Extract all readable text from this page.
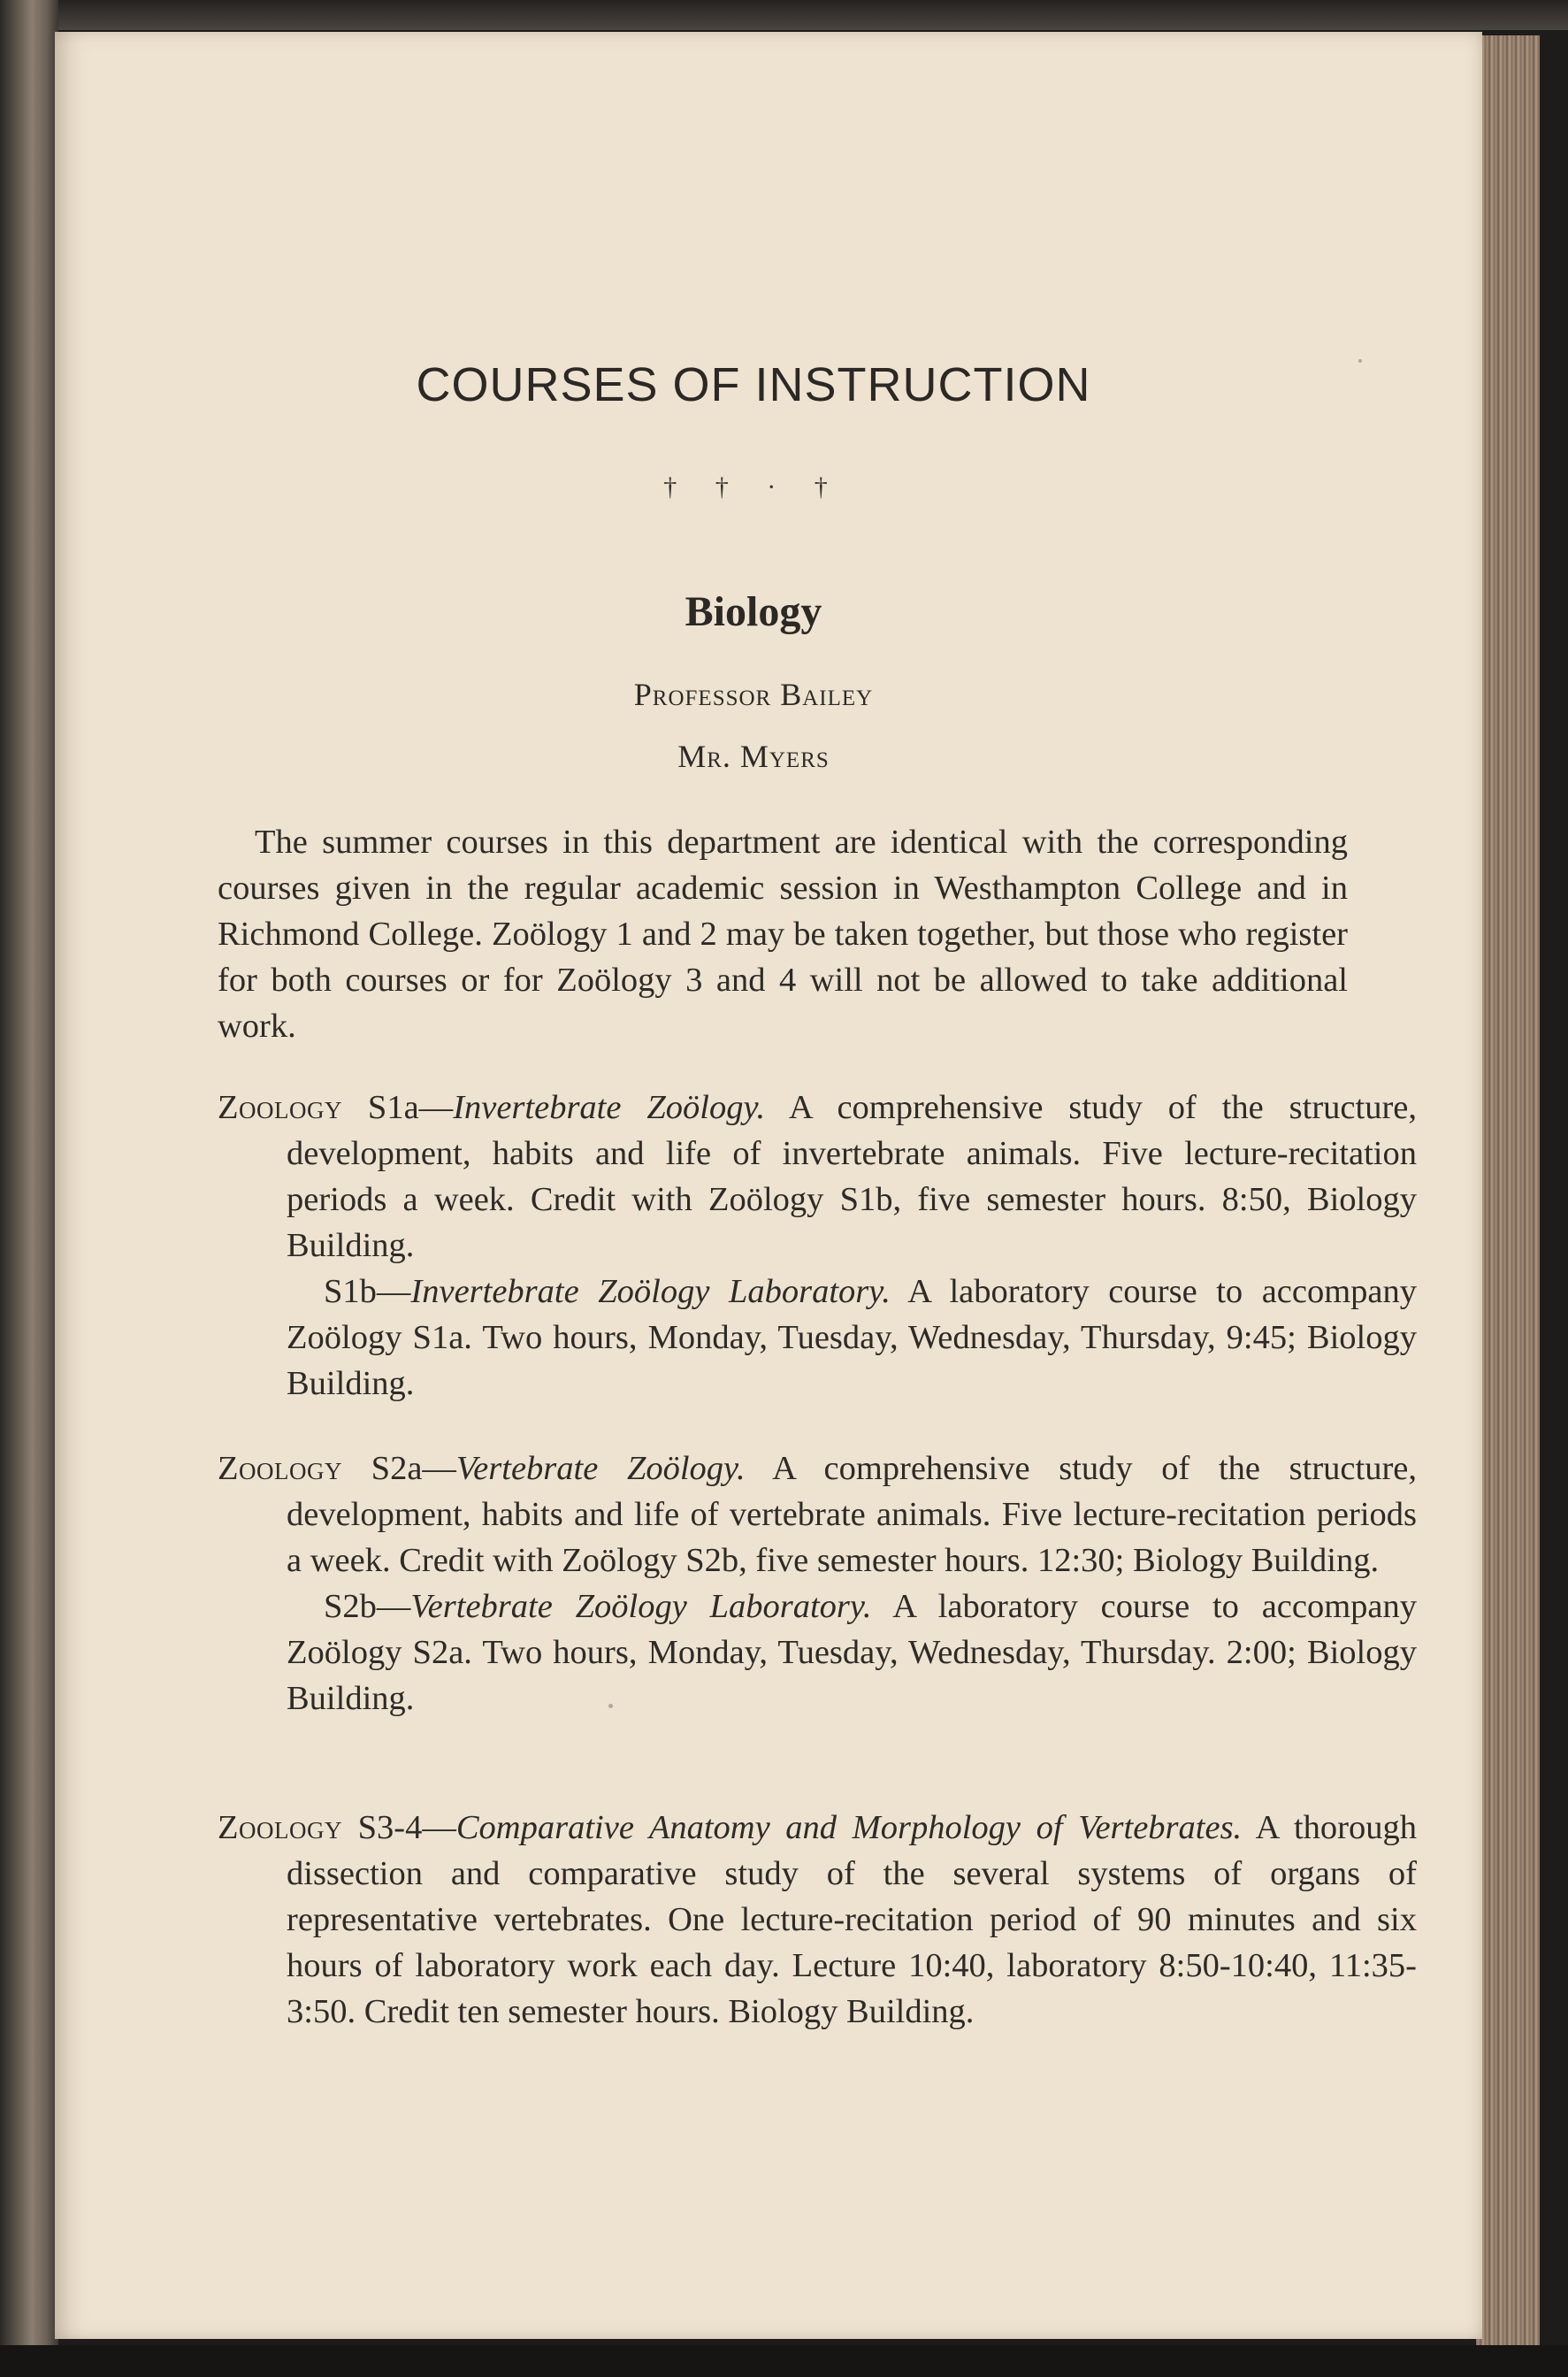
COURSES OF INSTRUCTION
† † · †
Biology
Professor Bailey
Mr. Myers

The summer courses in this department are identical with the corresponding courses given in the regular academic session in Westhampton College and in Richmond College. Zoölogy 1 and 2 may be taken together, but those who register for both courses or for Zoölogy 3 and 4 will not be allowed to take additional work.

Zoology S1a—Invertebrate Zoölogy. A comprehensive study of the structure, development, habits and life of invertebrate animals. Five lecture-recitation periods a week. Credit with Zoölogy S1b, five semester hours. 8:50, Biology Building.
S1b—Invertebrate Zoölogy Laboratory. A laboratory course to accompany Zoölogy S1a. Two hours, Monday, Tuesday, Wednesday, Thursday, 9:45; Biology Building.

Zoology S2a—Vertebrate Zoölogy. A comprehensive study of the structure, development, habits and life of vertebrate animals. Five lecture-recitation periods a week. Credit with Zoölogy S2b, five semester hours. 12:30; Biology Building.
S2b—Vertebrate Zoölogy Laboratory. A laboratory course to accompany Zoölogy S2a. Two hours, Monday, Tuesday, Wednesday, Thursday. 2:00; Biology Building.

Zoology S3-4—Comparative Anatomy and Morphology of Vertebrates. A thorough dissection and comparative study of the several systems of organs of representative vertebrates. One lecture-recitation period of 90 minutes and six hours of laboratory work each day. Lecture 10:40, laboratory 8:50-10:40, 11:35-3:50. Credit ten semester hours. Biology Building.
